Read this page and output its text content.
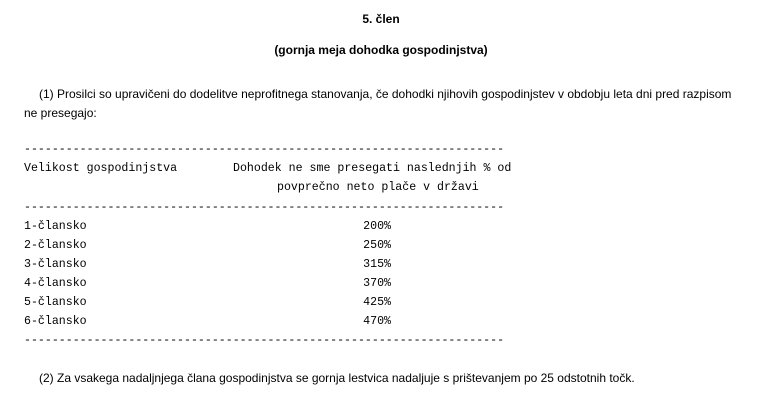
5. člen
(gornja meja dohodka gospodinjstva)
(1) Prosilci so upravičeni do dodelitve neprofitnega stanovanja, če dohodki njihovih gospodinjstev v obdobju leta dni pred razpisom ne presegajo:
---------------------------------------------------------------------
Velikost gospodinjstva	Dohodek ne sme presegati naslednjih % od
povprečno neto plače v državi
---------------------------------------------------------------------
1-člansko	200%
2-člansko	250%
3-člansko	315%
4-člansko	370%
5-člansko	425%
6-člansko	470%
---------------------------------------------------------------------
(2) Za vsakega nadaljnjega člana gospodinjstva se gornja lestvica nadaljuje s prištevanjem po 25 odstotnih točk.
